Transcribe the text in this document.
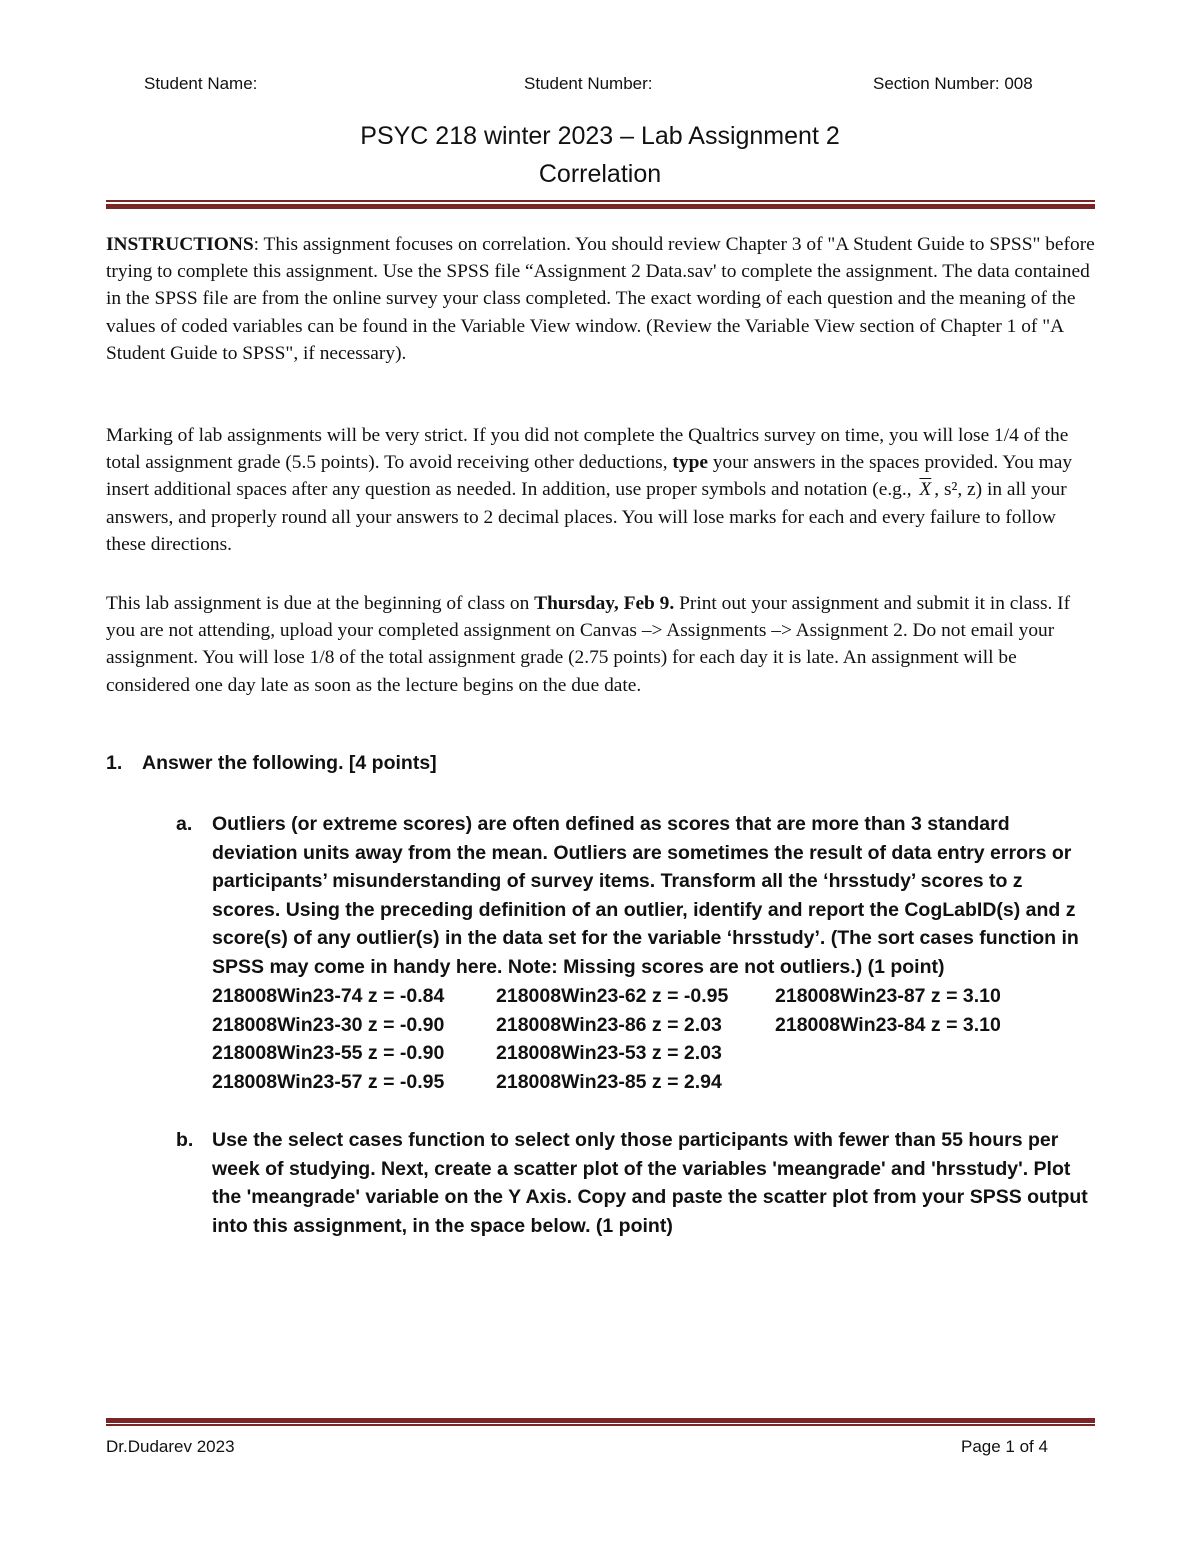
Student Name:	Student Number:	Section Number: 008
PSYC 218 winter 2023 – Lab Assignment 2
Correlation

INSTRUCTIONS: This assignment focuses on correlation. You should review Chapter 3 of "A Student Guide to SPSS" before trying to complete this assignment. Use the SPSS file “Assignment 2 Data.sav' to complete the assignment. The data contained in the SPSS file are from the online survey your class completed. The exact wording of each question and the meaning of the values of coded variables can be found in the Variable View window. (Review the Variable View section of Chapter 1 of "A Student Guide to SPSS", if necessary).

Marking of lab assignments will be very strict. If you did not complete the Qualtrics survey on time, you will lose 1/4 of the total assignment grade (5.5 points). To avoid receiving other deductions, type your answers in the spaces provided. You may insert additional spaces after any question as needed. In addition, use proper symbols and notation (e.g., $\overline{X}$ , s², z) in all your answers, and properly round all your answers to 2 decimal places. You will lose marks for each and every failure to follow these directions.

This lab assignment is due at the beginning of class on Thursday, Feb 9. Print out your assignment and submit it in class. If you are not attending, upload your completed assignment on Canvas –> Assignments –> Assignment 2. Do not email your assignment. You will lose 1/8 of the total assignment grade (2.75 points) for each day it is late. An assignment will be considered one day late as soon as the lecture begins on the due date.

1. Answer the following. [4 points]
a. Outliers (or extreme scores) are often defined as scores that are more than 3 standard deviation units away from the mean. Outliers are sometimes the result of data entry errors or participants’ misunderstanding of survey items. Transform all the ‘hrsstudy’ scores to z scores. Using the preceding definition of an outlier, identify and report the CogLabID(s) and z score(s) of any outlier(s) in the data set for the variable ‘hrsstudy’. (The sort cases function in SPSS may come in handy here. Note: Missing scores are not outliers.) (1 point)
218008Win23-74 z = -0.84	218008Win23-62 z = -0.95 218008Win23-87 z = 3.10
218008Win23-30 z = -0.90	218008Win23-86 z = 2.03	218008Win23-84 z = 3.10
218008Win23-55 z = -0.90	218008Win23-53 z = 2.03
218008Win23-57 z = -0.95	218008Win23-85 z = 2.94
b. Use the select cases function to select only those participants with fewer than 55 hours per week of studying. Next, create a scatter plot of the variables 'meangrade' and 'hrsstudy'. Plot the 'meangrade' variable on the Y Axis. Copy and paste the scatter plot from your SPSS output into this assignment, in the space below. (1 point)
Dr.Dudarev 2023	Page 1 of 4
